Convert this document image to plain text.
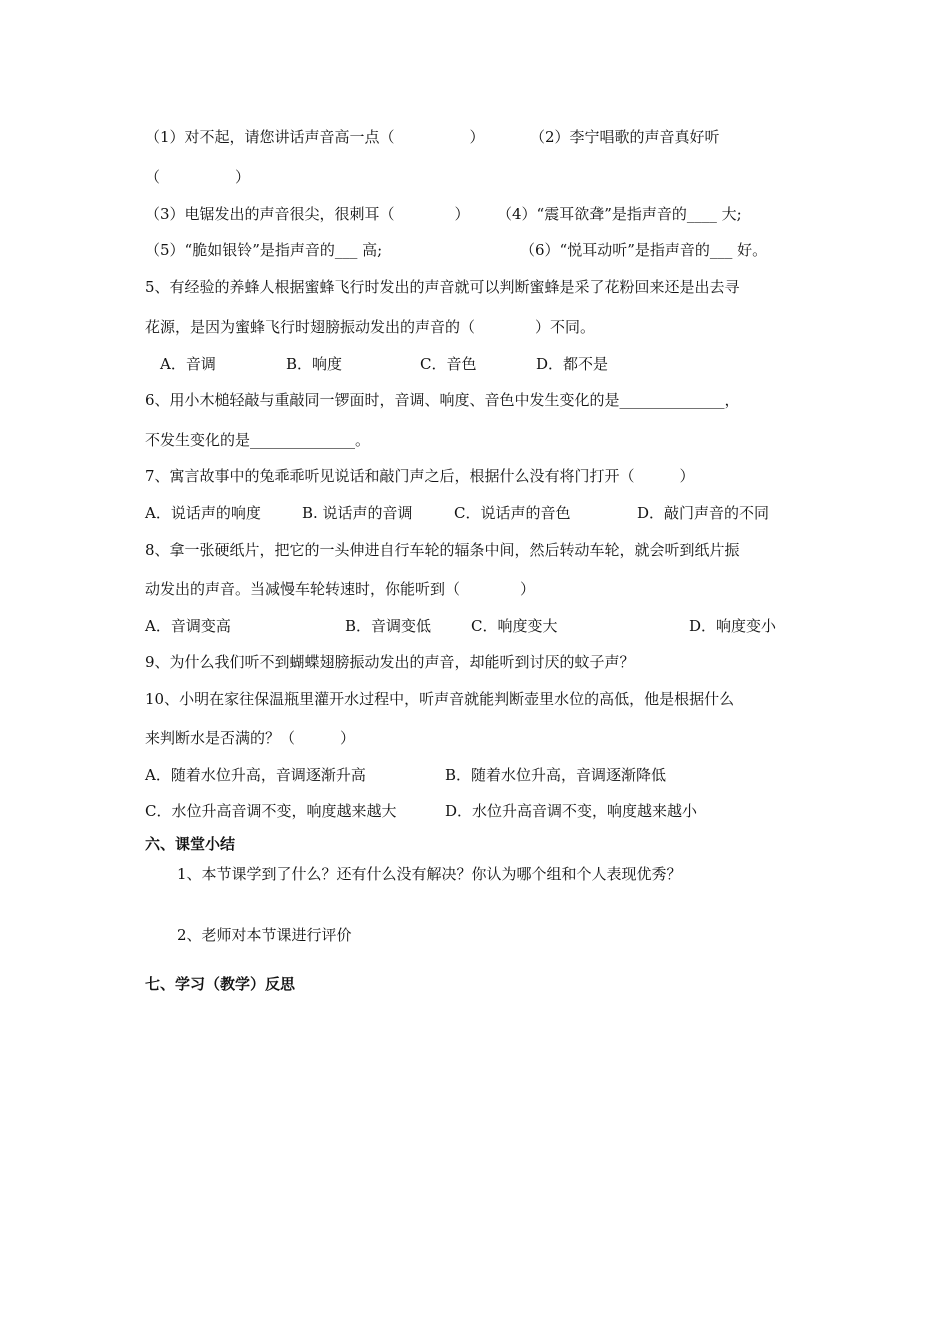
（1）对不起，请您讲话声音高一点（　　　　　）	（2）李宁唱歌的声音真好听
（　　　　　）
（3）电锯发出的声音很尖，很刺耳（　　　　） （4）“震耳欲聋”是指声音的____ 大;
（5）“脆如银铃”是指声音的___ 高;	（6）“悦耳动听”是指声音的___ 好。
5、有经验的养蜂人根据蜜蜂飞行时发出的声音就可以判断蜜蜂是采了花粉回来还是出去寻
花源，是因为蜜蜂飞行时翅膀振动发出的声音的（　　　　）不同。
A．音调	B．响度	C．音色	D．都不是
6、用小木槌轻敲与重敲同一锣面时，音调、响度、音色中发生变化的是______________，
不发生变化的是______________。
7、寓言故事中的兔乖乖听见说话和敲门声之后，根据什么没有将门打开（　　　）
A．说话声的响度	B. 说话声的音调	C．说话声的音色	D．敲门声音的不同
8、拿一张硬纸片，把它的一头伸进自行车轮的辐条中间，然后转动车轮，就会听到纸片振
动发出的声音。当减慢车轮转速时，你能听到（　　　　）
A．音调变高	B．音调变低	C．响度变大	D．响度变小
9、为什么我们听不到蝴蝶翅膀振动发出的声音，却能听到讨厌的蚊子声？
10、小明在家往保温瓶里灌开水过程中，听声音就能判断壶里水位的高低，他是根据什么
来判断水是否满的？（　　　）
A．随着水位升高，音调逐渐升高	B．随着水位升高，音调逐渐降低
C．水位升高音调不变，响度越来越大	D．水位升高音调不变，响度越来越小
六、课堂小结
1、本节课学到了什么？还有什么没有解决？你认为哪个组和个人表现优秀？
2、老师对本节课进行评价
七、学习（教学）反思
